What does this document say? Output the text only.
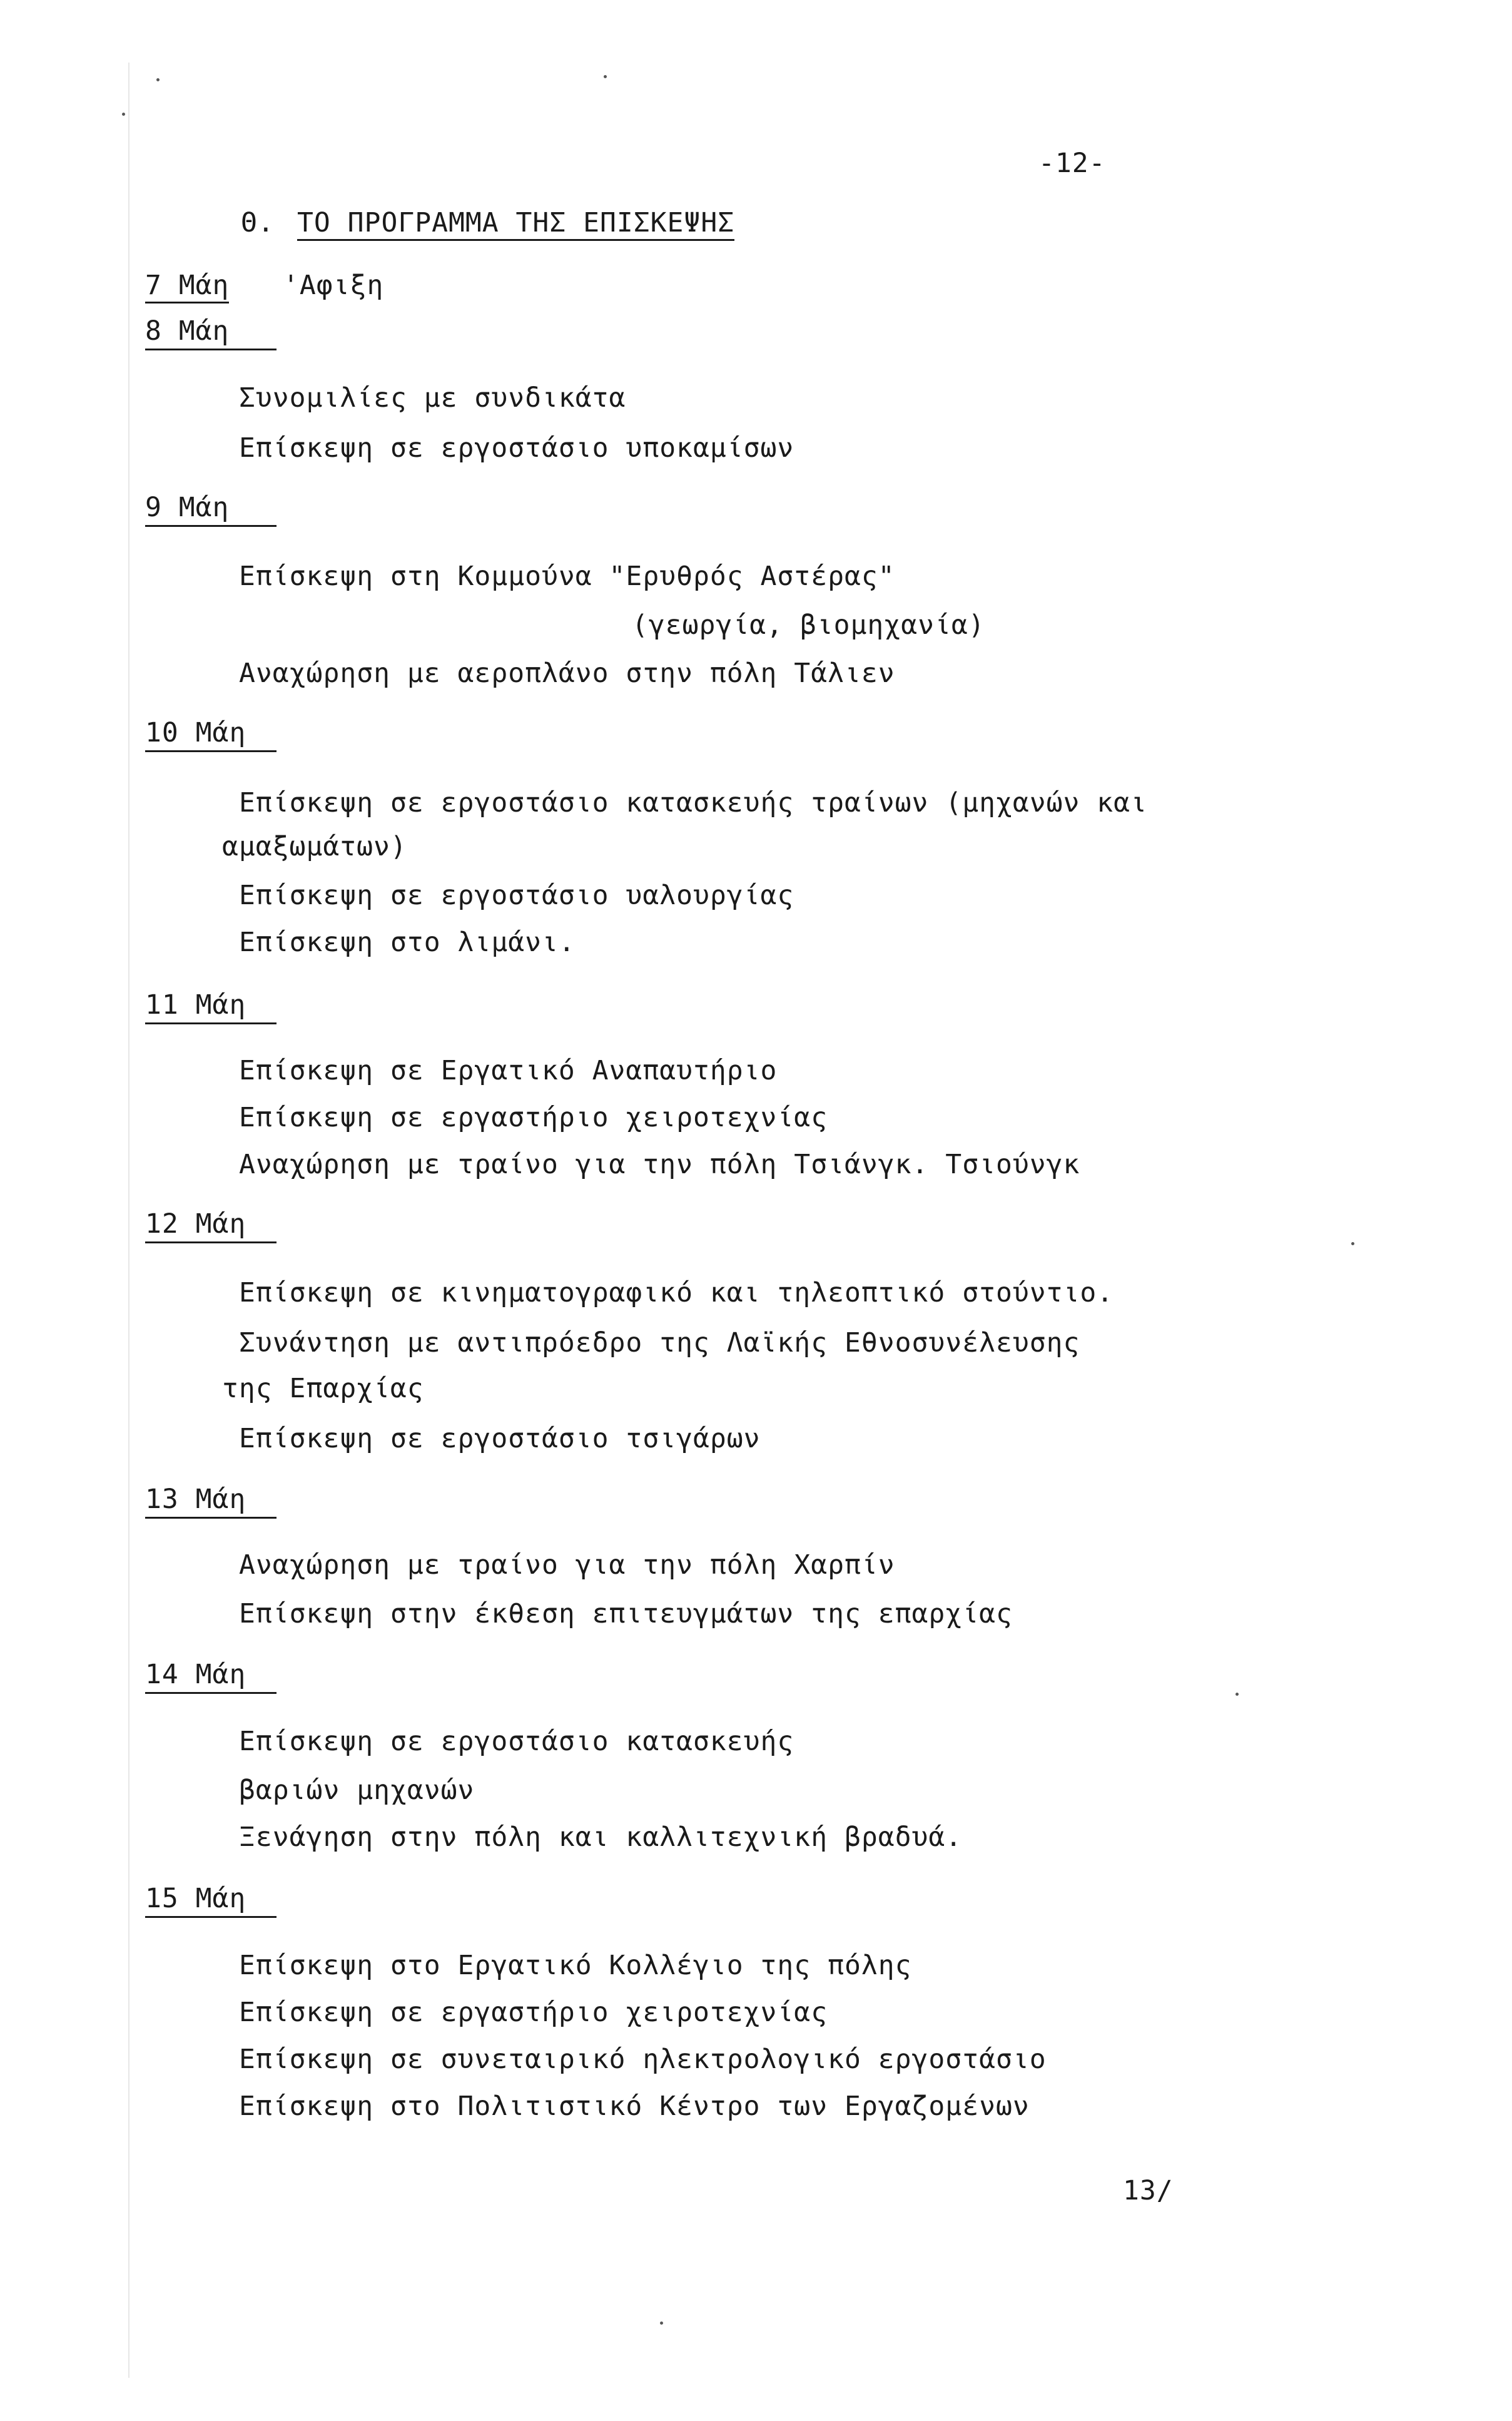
-12-
Θ. ΤΟ ΠΡΟΓΡΑΜΜΑ ΤΗΣ ΕΠΙΣΚΕΨΗΣ
7 Μάη 'Αφιξη
8 Μάη
Συνομιλίες με συνδικάτα
Επίσκεψη σε εργοστάσιο υποκαμίσων
9 Μάη
Επίσκεψη στη Κομμούνα "Ερυθρός Αστέρας"
(γεωργία, βιομηχανία)
Αναχώρηση με αεροπλάνο στην πόλη Τάλιεν
10 Μάη
Επίσκεψη σε εργοστάσιο κατασκευής τραίνων (μηχανών και
αμαξωμάτων)
Επίσκεψη σε εργοστάσιο υαλουργίας
Επίσκεψη στο λιμάνι.
11 Μάη
Επίσκεψη σε Εργατικό Αναπαυτήριο
Επίσκεψη σε εργαστήριο χειροτεχνίας
Αναχώρηση με τραίνο για την πόλη Τσιάνγκ. Τσιούνγκ
12 Μάη
Επίσκεψη σε κινηματογραφικό και τηλεοπτικό στούντιο.
Συνάντηση με αντιπρόεδρο της Λαϊκής Εθνοσυνέλευσης
της Επαρχίας
Επίσκεψη σε εργοστάσιο τσιγάρων
13 Μάη
Αναχώρηση με τραίνο για την πόλη Χαρπίν
Επίσκεψη στην έκθεση επιτευγμάτων της επαρχίας
14 Μάη
Επίσκεψη σε εργοστάσιο κατασκευής
βαριών μηχανών
Ξενάγηση στην πόλη και καλλιτεχνική βραδυά.
15 Μάη
Επίσκεψη στο Εργατικό Κολλέγιο της πόλης
Επίσκεψη σε εργαστήριο χειροτεχνίας
Επίσκεψη σε συνεταιρικό ηλεκτρολογικό εργοστάσιο
Επίσκεψη στο Πολιτιστικό Κέντρο των Εργαζομένων
13/
